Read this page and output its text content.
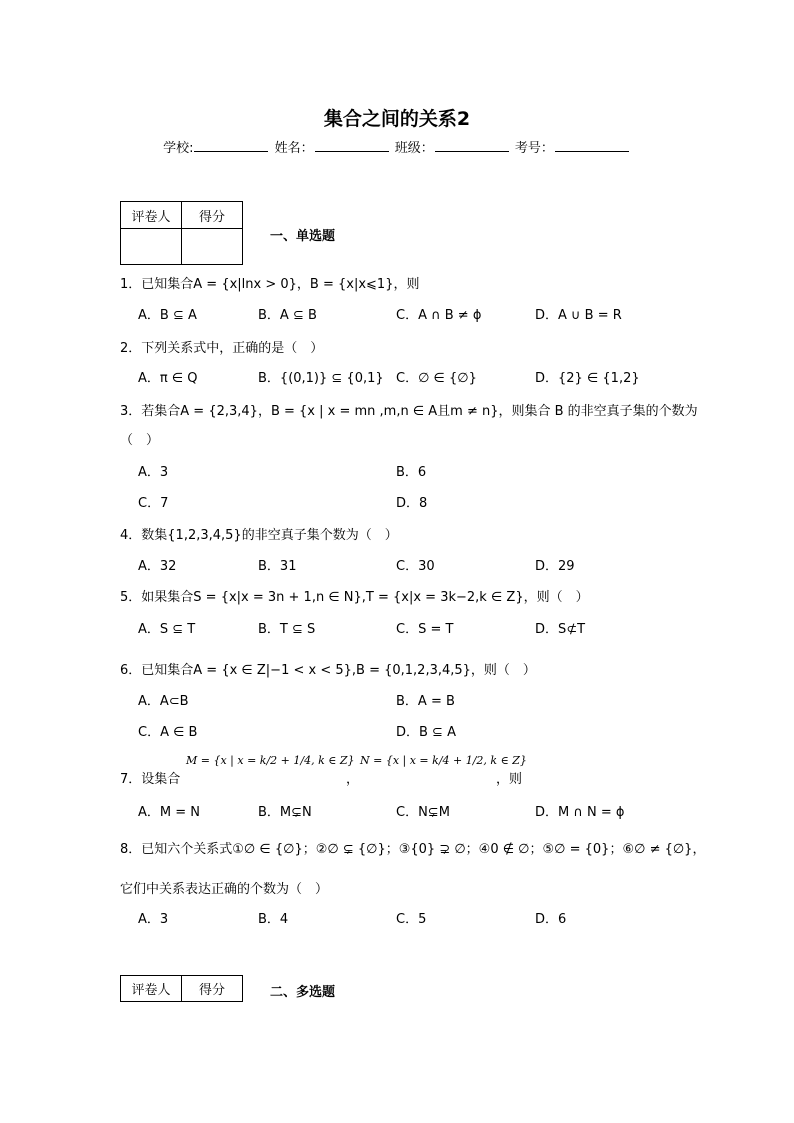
集合之间的关系2
学校:	姓名：	班级：	考号：
评卷人	得分

一、单选题
1．已知集合A = {x|lnx > 0}，B = {x|x⩽1}，则
A．B ⊆ A	B．A ⊆ B	C．A ∩ B ≠ ϕ	D．A ∪ B = R
2．下列关系式中，正确的是（　）
A．π ∈ Q	B．{(0,1)} ⊆ {0,1} C．∅ ∈ {∅}	D．{2} ∈ {1,2}
3．若集合A = {2,3,4}，B = {x | x = mn ,m,n ∈ A且m ≠ n}，则集合 B 的非空真子集的个数为
（　）
A．3	B．6
C．7	D．8
4．数集{1,2,3,4,5}的非空真子集个数为（　）
A．32	B．31	C．30	D．29
5．如果集合S = {x|x = 3n + 1,n ∈ N},T = {x|x = 3k−2,k ∈ Z}，则（　）
A．S ⊆ T	B．T ⊆ S	C．S = T	D．S⊄T
6．已知集合A = {x ∈ Z|−1 < x < 5},B = {0,1,2,3,4,5}，则（　）
A．A⊂B	B．A = B
C．A ∈ B	D．B ⊆ A
7．设集合
M = {x | x = k/2 + 1/4, k ∈ Z}
，
N = {x | x = k/4 + 1/2, k ∈ Z}
，则
A．M = N	B．M⊊N	C．N⊊M	D．M ∩ N = ϕ
8．已知六个关系式①∅ ∈ {∅}；②∅ ⊊ {∅}；③{0} ⊋ ∅；④0 ∉ ∅；⑤∅ = {0}；⑥∅ ≠ {∅}，
它们中关系表达正确的个数为（　）
A．3	B．4	C．5	D．6
评卷人	得分	二、多选题
